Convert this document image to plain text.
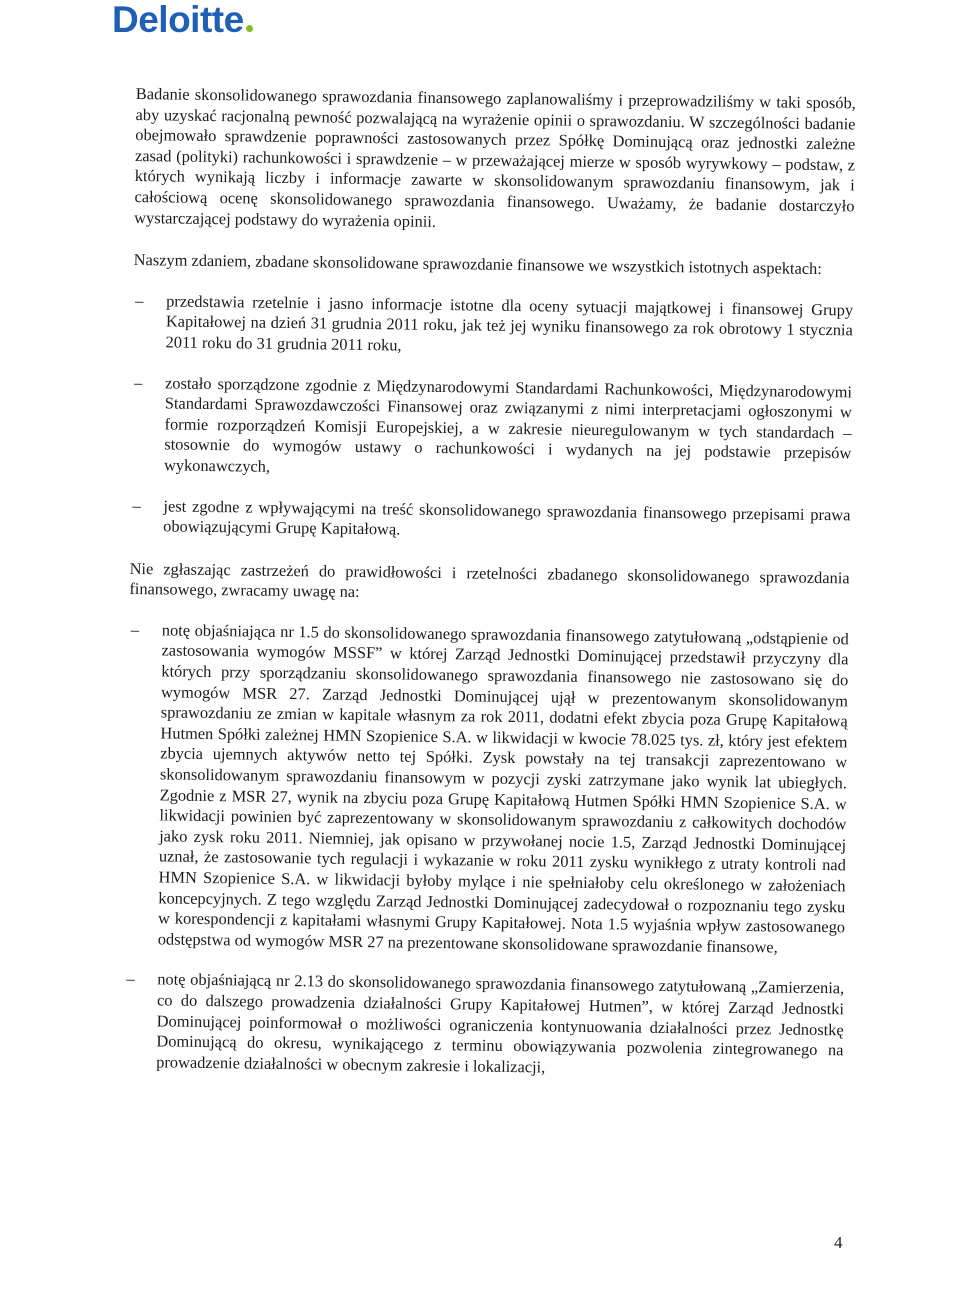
Deloitte

Badanie skonsolidowanego sprawozdania finansowego zaplanowaliśmy i przeprowadziliśmy w taki sposób, aby uzyskać racjonalną pewność pozwalającą na wyrażenie opinii o sprawozdaniu. W szczególności badanie obejmowało sprawdzenie poprawności zastosowanych przez Spółkę Dominującą oraz jednostki zależne zasad (polityki) rachunkowości i sprawdzenie – w przeważającej mierze w sposób wyrywkowy – podstaw, z których wynikają liczby i informacje zawarte w skonsolidowanym sprawozdaniu finansowym, jak i całościową ocenę skonsolidowanego sprawozdania finansowego. Uważamy, że badanie dostarczyło wystarczającej podstawy do wyrażenia opinii.

Naszym zdaniem, zbadane skonsolidowane sprawozdanie finansowe we wszystkich istotnych aspektach:

– przedstawia rzetelnie i jasno informacje istotne dla oceny sytuacji majątkowej i finansowej Grupy Kapitałowej na dzień 31 grudnia 2011 roku, jak też jej wyniku finansowego za rok obrotowy 1 stycznia 2011 roku do 31 grudnia 2011 roku,
– zostało sporządzone zgodnie z Międzynarodowymi Standardami Rachunkowości, Międzynarodowymi Standardami Sprawozdawczości Finansowej oraz związanymi z nimi interpretacjami ogłoszonymi w formie rozporządzeń Komisji Europejskiej, a w zakresie nieuregulowanym w tych standardach – stosownie do wymogów ustawy o rachunkowości i wydanych na jej podstawie przepisów wykonawczych,
– jest zgodne z wpływającymi na treść skonsolidowanego sprawozdania finansowego przepisami prawa obowiązującymi Grupę Kapitałową.

Nie zgłaszając zastrzeżeń do prawidłowości i rzetelności zbadanego skonsolidowanego sprawozdania finansowego, zwracamy uwagę na:

– notę objaśniająca nr 1.5 do skonsolidowanego sprawozdania finansowego zatytułowaną „odstąpienie od zastosowania wymogów MSSF” w której Zarząd Jednostki Dominującej przedstawił przyczyny dla których przy sporządzaniu skonsolidowanego sprawozdania finansowego nie zastosowano się do wymogów MSR 27. Zarząd Jednostki Dominującej ujął w prezentowanym skonsolidowanym sprawozdaniu ze zmian w kapitale własnym za rok 2011, dodatni efekt zbycia poza Grupę Kapitałową Hutmen Spółki zależnej HMN Szopienice S.A. w likwidacji w kwocie 78.025 tys. zł, który jest efektem zbycia ujemnych aktywów netto tej Spółki. Zysk powstały na tej transakcji zaprezentowano w skonsolidowanym sprawozdaniu finansowym w pozycji zyski zatrzymane jako wynik lat ubiegłych. Zgodnie z MSR 27, wynik na zbyciu poza Grupę Kapitałową Hutmen Spółki HMN Szopienice S.A. w likwidacji powinien być zaprezentowany w skonsolidowanym sprawozdaniu z całkowitych dochodów jako zysk roku 2011. Niemniej, jak opisano w przywołanej nocie 1.5, Zarząd Jednostki Dominującej uznał, że zastosowanie tych regulacji i wykazanie w roku 2011 zysku wynikłego z utraty kontroli nad HMN Szopienice S.A. w likwidacji byłoby mylące i nie spełniałoby celu określonego w założeniach koncepcyjnych. Z tego względu Zarząd Jednostki Dominującej zadecydował o rozpoznaniu tego zysku w korespondencji z kapitałami własnymi Grupy Kapitałowej. Nota 1.5 wyjaśnia wpływ zastosowanego odstępstwa od wymogów MSR 27 na prezentowane skonsolidowane sprawozdanie finansowe,
– notę objaśniającą nr 2.13 do skonsolidowanego sprawozdania finansowego zatytułowaną „Zamierzenia, co do dalszego prowadzenia działalności Grupy Kapitałowej Hutmen”, w której Zarząd Jednostki Dominującej poinformował o możliwości ograniczenia kontynuowania działalności przez Jednostkę Dominującą do okresu, wynikającego z terminu obowiązywania pozwolenia zintegrowanego na prowadzenie działalności w obecnym zakresie i lokalizacji,
4
